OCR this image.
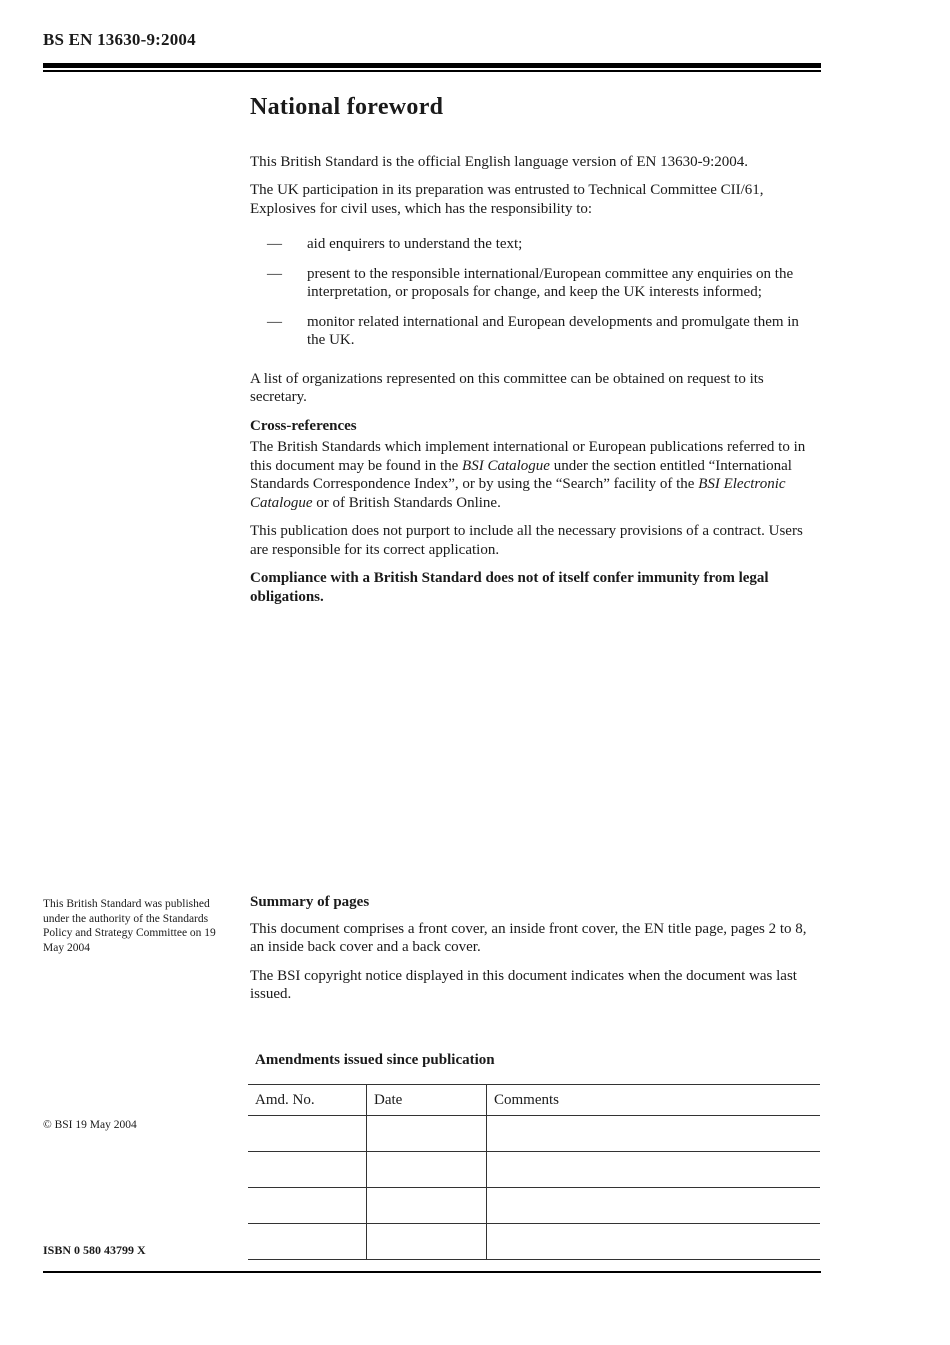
BS EN 13630-9:2004
National foreword

This British Standard is the official English language version of EN 13630-9:2004.

The UK participation in its preparation was entrusted to Technical Committee CII/61, Explosives for civil uses, which has the responsibility to:

—	aid enquirers to understand the text;
—	present to the responsible international/European committee any enquiries on the interpretation, or proposals for change, and keep the UK interests informed;
—	monitor related international and European developments and promulgate them in the UK.

A list of organizations represented on this committee can be obtained on request to its secretary.

Cross-references

The British Standards which implement international or European publications referred to in this document may be found in the BSI Catalogue under the section entitled “International Standards Correspondence Index”, or by using the “Search” facility of the BSI Electronic Catalogue or of British Standards Online.

This publication does not purport to include all the necessary provisions of a contract. Users are responsible for its correct application.

Compliance with a British Standard does not of itself confer immunity from legal obligations.

Summary of pages

This document comprises a front cover, an inside front cover, the EN title page, pages 2 to 8, an inside back cover and a back cover.

The BSI copyright notice displayed in this document indicates when the document was last issued.

Amendments issued since publication
Amd. No.	Date	Comments

This British Standard was published under the authority of the Standards Policy and Strategy Committee on 19 May 2004
© BSI 19 May 2004
ISBN 0 580 43799 X
